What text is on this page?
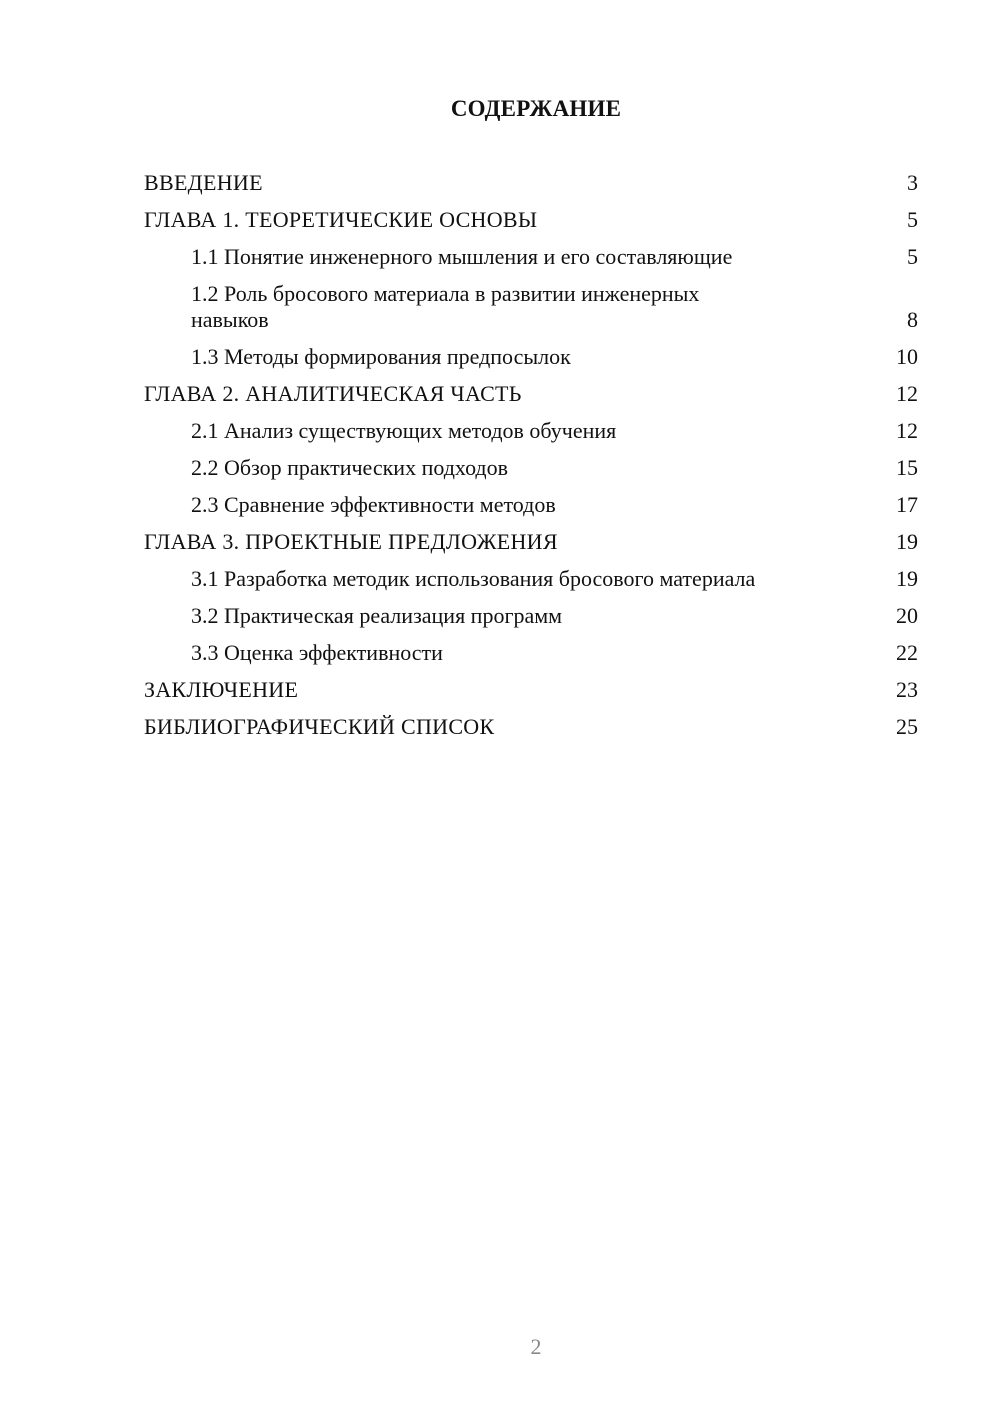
СОДЕРЖАНИЕ
ВВЕДЕНИЕ	3
ГЛАВА 1. ТЕОРЕТИЧЕСКИЕ ОСНОВЫ	5
1.1 Понятие инженерного мышления и его составляющие	5
1.2 Роль бросового материала в развитии инженерных навыков	8
1.3 Методы формирования предпосылок	10
ГЛАВА 2. АНАЛИТИЧЕСКАЯ ЧАСТЬ	12
2.1 Анализ существующих методов обучения	12
2.2 Обзор практических подходов	15
2.3 Сравнение эффективности методов	17
ГЛАВА 3. ПРОЕКТНЫЕ ПРЕДЛОЖЕНИЯ	19
3.1 Разработка методик использования бросового материала	19
3.2 Практическая реализация программ	20
3.3 Оценка эффективности	22
ЗАКЛЮЧЕНИЕ	23
БИБЛИОГРАФИЧЕСКИЙ СПИСОК	25
2
